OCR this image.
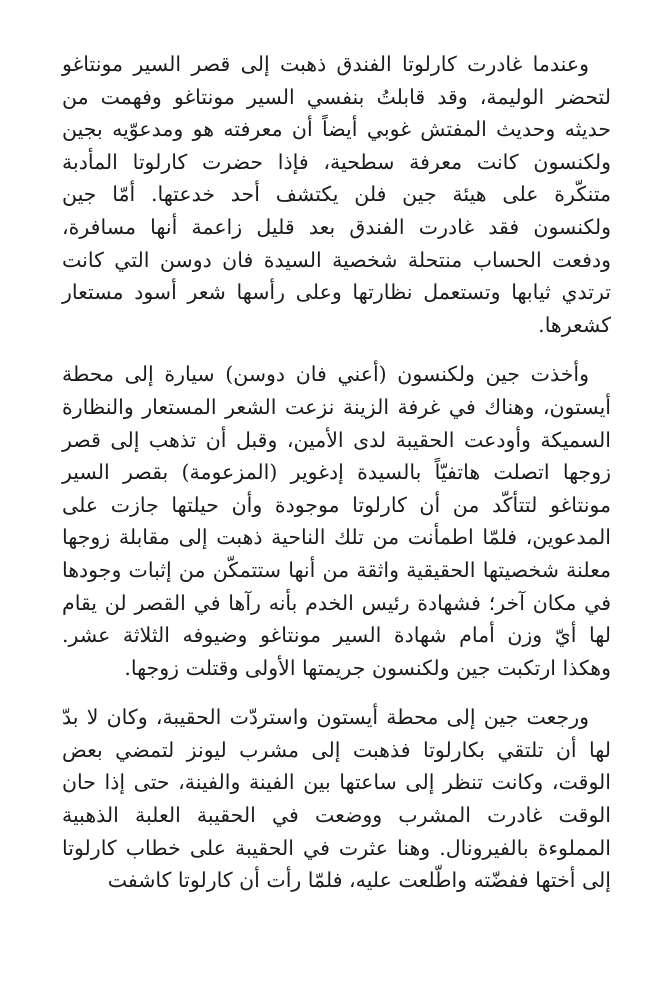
وعندما غادرت كارلوتا الفندق ذهبت إلى قصر السير مونتاغو لتحضر الوليمة، وقد قابلتُ بنفسي السير مونتاغو وفهمت من حديثه وحديث المفتش غوبي أيضاً أن معرفته هو ومدعوّيه بجين ولكنسون كانت معرفة سطحية، فإذا حضرت كارلوتا المأدبة متنكّرة على هيئة جين فلن يكتشف أحد خدعتها. أمّا جين ولكنسون فقد غادرت الفندق بعد قليل زاعمة أنها مسافرة، ودفعت الحساب منتحلة شخصية السيدة فان دوسن التي كانت ترتدي ثيابها وتستعمل نظارتها وعلى رأسها شعر أسود مستعار كشعرها.

وأخذت جين ولكنسون (أعني فان دوسن) سيارة إلى محطة أيستون، وهناك في غرفة الزينة نزعت الشعر المستعار والنظارة السميكة وأودعت الحقيبة لدى الأمين، وقبل أن تذهب إلى قصر زوجها اتصلت هاتفيّاً بالسيدة إدغوير (المزعومة) بقصر السير مونتاغو لتتأكّد من أن كارلوتا موجودة وأن حيلتها جازت على المدعوين، فلمّا اطمأنت من تلك الناحية ذهبت إلى مقابلة زوجها معلنة شخصيتها الحقيقية واثقة من أنها ستتمكّن من إثبات وجودها في مكان آخر؛ فشهادة رئيس الخدم بأنه رآها في القصر لن يقام لها أيّ وزن أمام شهادة السير مونتاغو وضيوفه الثلاثة عشر. وهكذا ارتكبت جين ولكنسون جريمتها الأولى وقتلت زوجها.

ورجعت جين إلى محطة أيستون واستردّت الحقيبة، وكان لا بدّ لها أن تلتقي بكارلوتا فذهبت إلى مشرب ليونز لتمضي بعض الوقت، وكانت تنظر إلى ساعتها بين الفينة والفينة، حتى إذا حان الوقت غادرت المشرب ووضعت في الحقيبة العلبة الذهبية المملوءة بالفيرونال. وهنا عثرت في الحقيبة على خطاب كارلوتا إلى أختها ففضّته واطّلعت عليه، فلمّا رأت أن كارلوتا كاشفت
